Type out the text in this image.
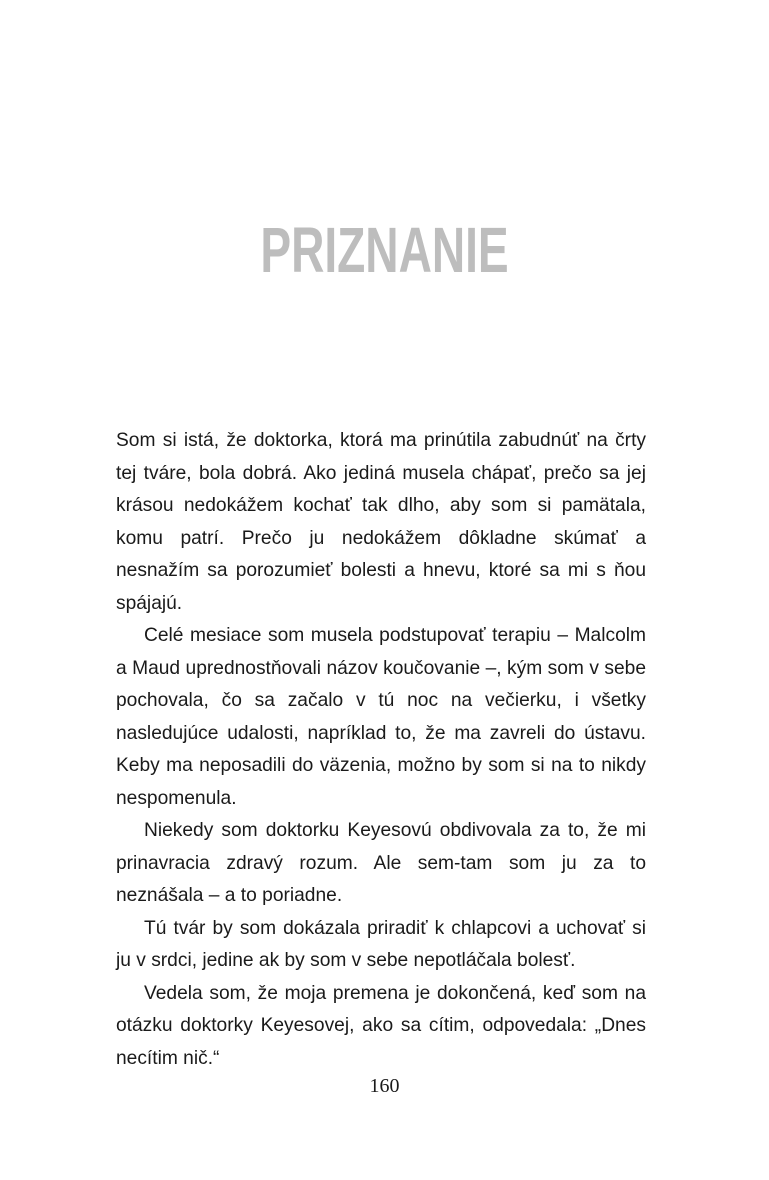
PRIZNANIE

Som si istá, že doktorka, ktorá ma prinútila zabudnúť na črty tej tváre, bola dobrá. Ako jediná musela chápať, prečo sa jej krásou nedokážem kochať tak dlho, aby som si pamätala, komu patrí. Prečo ju nedokážem dôkladne skúmať a nesnažím sa porozumieť bolesti a hnevu, ktoré sa mi s ňou spájajú.

Celé mesiace som musela podstupovať terapiu – Malcolm a Maud uprednostňovali názov koučovanie –, kým som v sebe pochovala, čo sa začalo v tú noc na večierku, i všetky nasledujúce udalosti, napríklad to, že ma zavreli do ústavu. Keby ma neposadili do väzenia, možno by som si na to nikdy nespomenula.

Niekedy som doktorku Keyesovú obdivovala za to, že mi prinavracia zdravý rozum. Ale sem-tam som ju za to neznášala – a to poriadne.

Tú tvár by som dokázala priradiť k chlapcovi a uchovať si ju v srdci, jedine ak by som v sebe nepotláčala bolesť.

Vedela som, že moja premena je dokončená, keď som na otázku doktorky Keyesovej, ako sa cítim, odpovedala: „Dnes necítim nič.“

160
